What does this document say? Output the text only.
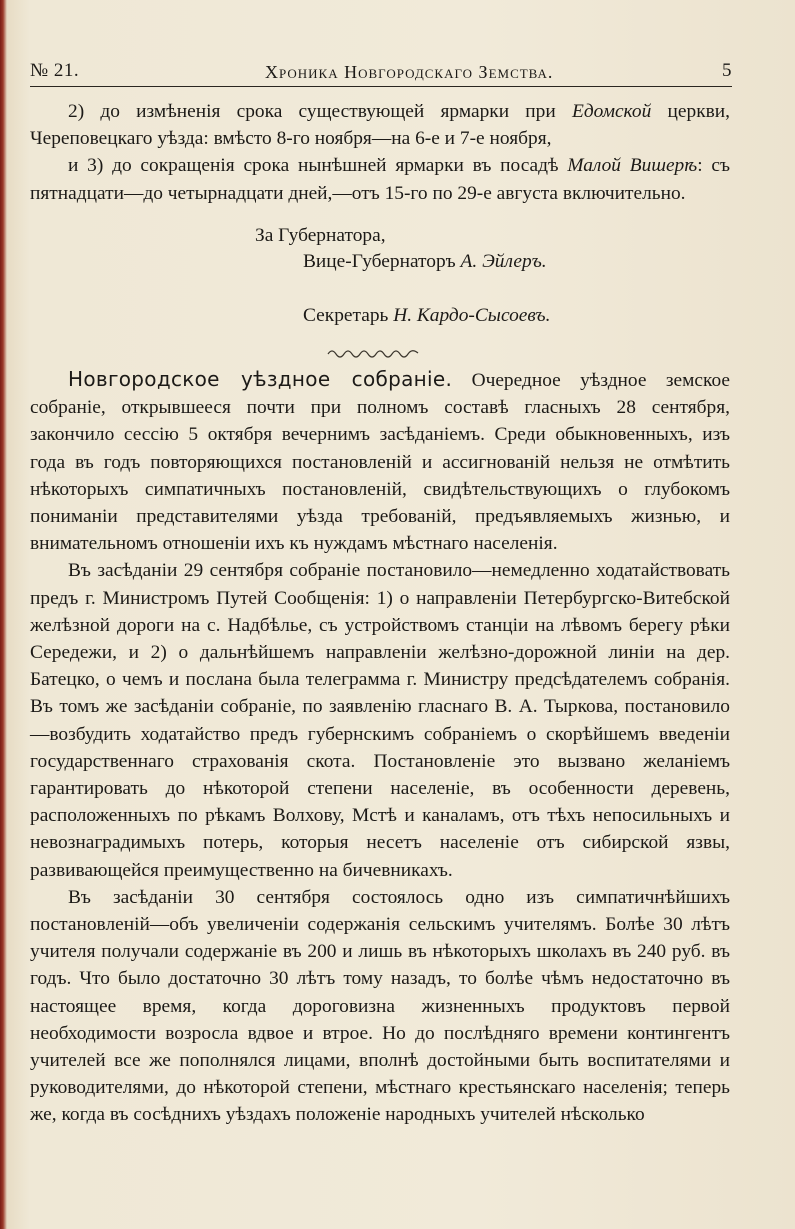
№ 21.	Хроника Новгородскаго Земства.	5

2) до измѣненія срока существующей ярмарки при Едомской церкви, Череповецкаго уѣзда: вмѣсто 8-го ноября—на 6-е и 7-е ноября,

и 3) до сокращенія срока нынѣшней ярмарки въ посадѣ Малой Вишерѣ: съ пятнадцати—до четырнадцати дней,—отъ 15-го по 29-е августа включительно.

За Губернатора,
Вице-Губернаторъ А. Эйлеръ.
Секретарь Н. Кардо-Сысоевъ.

Новгородское уѣздное собраніе. Очередное уѣздное земское собраніе, открывшееся почти при полномъ составѣ гласныхъ 28 сентября, закончило сессію 5 октября вечернимъ засѣданіемъ. Среди обыкновенныхъ, изъ года въ годъ повторяющихся постановленій и ассигнованій нельзя не отмѣтить нѣкоторыхъ симпатичныхъ постановленій, свидѣтельствующихъ о глубокомъ пониманіи представителями уѣзда требованій, предъявляемыхъ жизнью, и внимательномъ отношеніи ихъ къ нуждамъ мѣстнаго населенія.

Въ засѣданіи 29 сентября собраніе постановило—немедленно ходатайствовать предъ г. Министромъ Путей Сообщенія: 1) о направленіи Петербургско-Витебской желѣзной дороги на с. Надбѣлье, съ устройствомъ станціи на лѣвомъ берегу рѣки Середежи, и 2) о дальнѣйшемъ направленіи желѣзно-дорожной линіи на дер. Батецко, о чемъ и послана была телеграмма г. Министру предсѣдателемъ собранія. Въ томъ же засѣданіи собраніе, по заявленію гласнаго В. А. Тыркова, постановило—возбудить ходатайство предъ губернскимъ собраніемъ о скорѣйшемъ введеніи государственнаго страхованія скота. Постановленіе это вызвано желаніемъ гарантировать до нѣкоторой степени населеніе, въ особенности деревень, расположенныхъ по рѣкамъ Волхову, Мстѣ и каналамъ, отъ тѣхъ непосильныхъ и невознаградимыхъ потерь, которыя несетъ населеніе отъ сибирской язвы, развивающейся преимущественно на бичевникахъ.

Въ засѣданіи 30 сентября состоялось одно изъ симпатичнѣйшихъ постановленій—объ увеличеніи содержанія сельскимъ учителямъ. Болѣе 30 лѣтъ учителя получали содержаніе въ 200 и лишь въ нѣкоторыхъ школахъ въ 240 руб. въ годъ. Что было достаточно 30 лѣтъ тому назадъ, то болѣе чѣмъ недостаточно въ настоящее время, когда дороговизна жизненныхъ продуктовъ первой необходимости возросла вдвое и втрое. Но до послѣдняго времени контингентъ учителей все же пополнялся лицами, вполнѣ достойными быть воспитателями и руководителями, до нѣкоторой степени, мѣстнаго крестьянскаго населенія; теперь же, когда въ сосѣднихъ уѣздахъ положеніе народныхъ учителей нѣсколько
